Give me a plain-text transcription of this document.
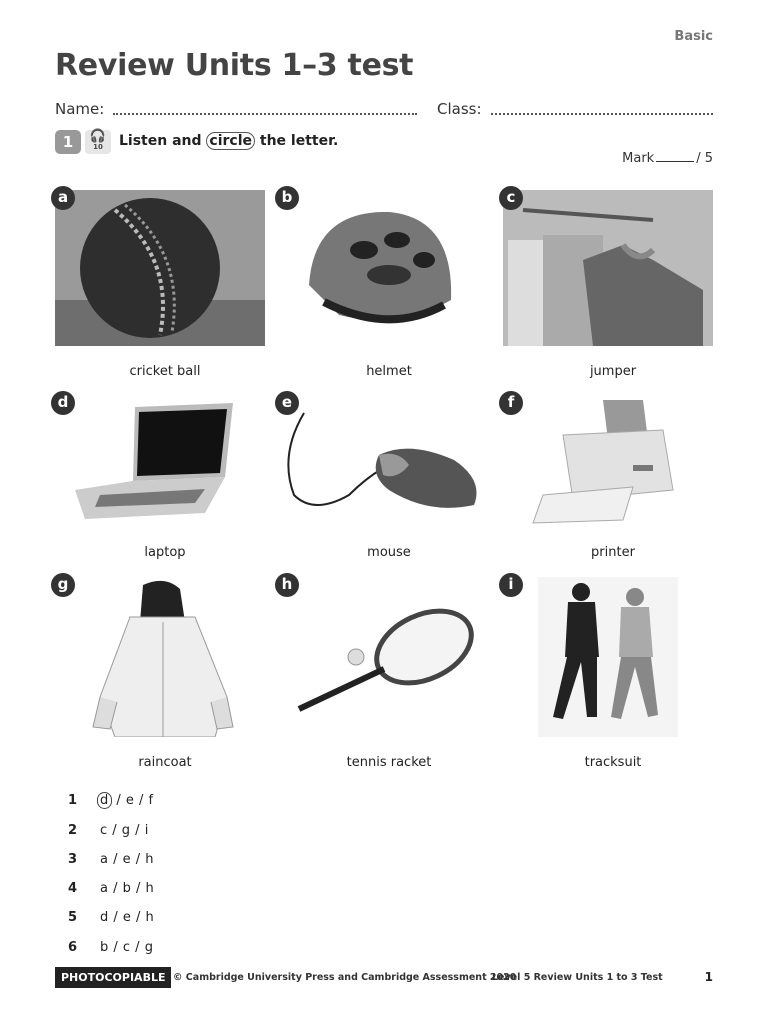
Basic
Review Units 1–3 test
Name:	Class:
1	🎧
10	Listen and circle the letter.
Mark	/ 5
a
cricket ball
b
helmet
c
jumper
d
laptop
e
mouse
f
printer
g
raincoat
h
tennis racket
i
tracksuit
1 d / e / f
2 c / g / i
3 a / e / h
4 a / b / h
5 d / e / h
6 b / c / g
PHOTOCOPIABLE © Cambridge University Press and Cambridge Assessment 2020
Level 5 Review Units 1 to 3 Test	1
